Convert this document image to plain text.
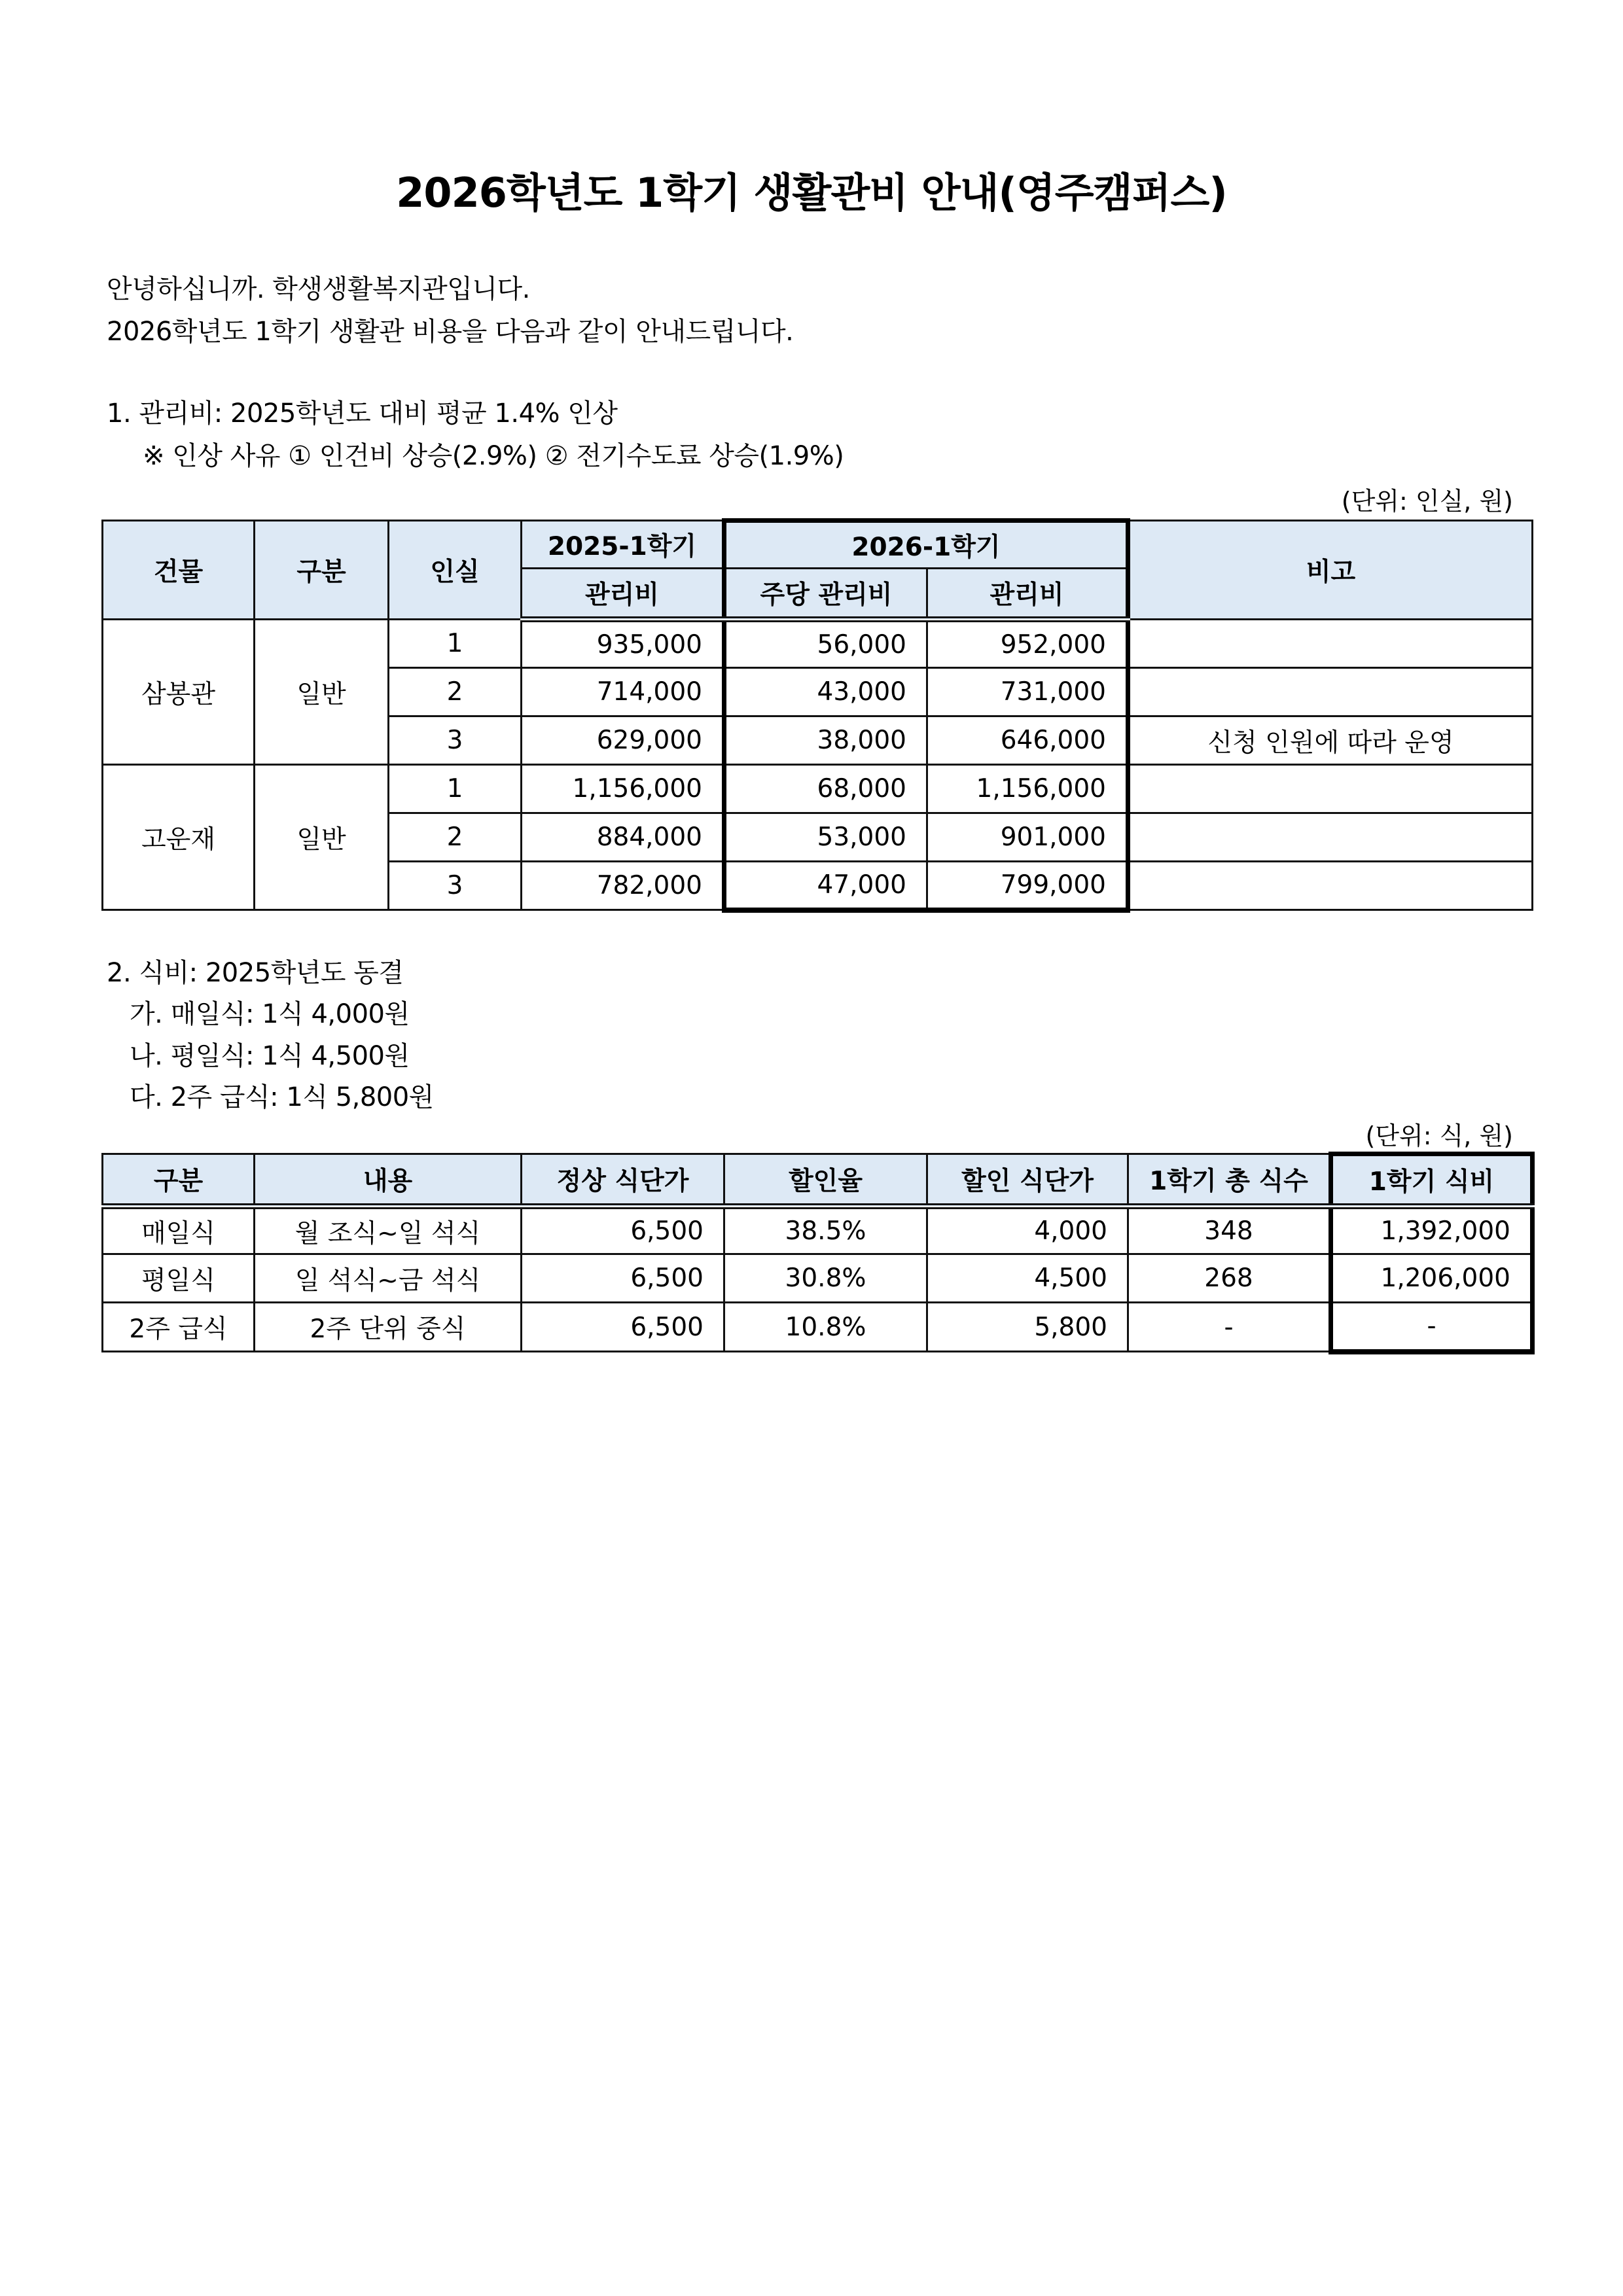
2026학년도 1학기 생활관비 안내(영주캠퍼스)
안녕하십니까. 학생생활복지관입니다.
2026학년도 1학기 생활관 비용을 다음과 같이 안내드립니다.
1. 관리비: 2025학년도 대비 평균 1.4% 인상
※ 인상 사유 ① 인건비 상승(2.9%) ② 전기수도료 상승(1.9%)
(단위: 인실, 원)
건물	구분	인실	2025-1학기	2026-1학기		비고
			관리비	주당 관리비	관리비	
삼봉관	일반	1	935,000	56,000	952,000	
		2	714,000	43,000	731,000	
		3	629,000	38,000	646,000	신청 인원에 따라 운영
고운재	일반	1	1,156,000	68,000	1,156,000	
		2	884,000	53,000	901,000	
		3	782,000	47,000	799,000	
2. 식비: 2025학년도 동결
가. 매일식: 1식 4,000원
나. 평일식: 1식 4,500원
다. 2주 급식: 1식 5,800원
(단위: 식, 원)
구분	내용	정상 식단가	할인율	할인 식단가	1학기 총 식수	1학기 식비
매일식	월 조식~일 석식	6,500	38.5%	4,000	348	1,392,000
평일식	일 석식~금 석식	6,500	30.8%	4,500	268	1,206,000
2주 급식	2주 단위 중식	6,500	10.8%	5,800	-	-
